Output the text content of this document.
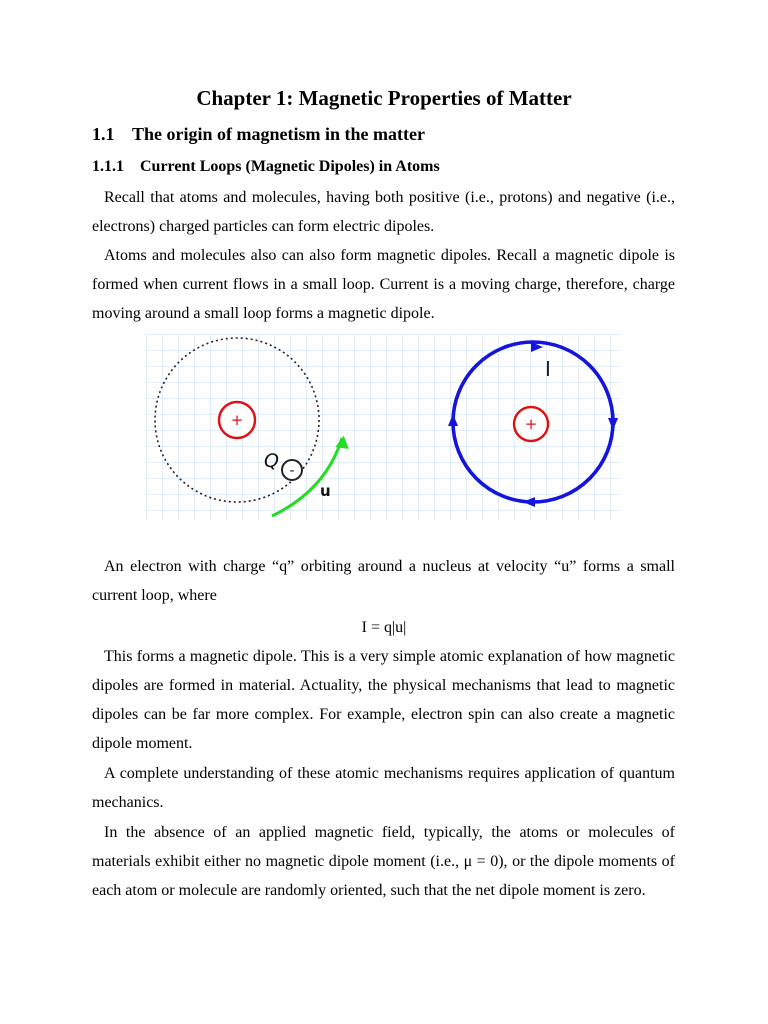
Chapter 1: Magnetic Properties of Matter
1.1 The origin of magnetism in the matter
1.1.1 Current Loops (Magnetic Dipoles) in Atoms

Recall that atoms and molecules, having both positive (i.e., protons) and negative (i.e., electrons) charged particles can form electric dipoles.

Atoms and molecules also can also form magnetic dipoles. Recall a magnetic dipole is formed when current flows in a small loop. Current is a moving charge, therefore, charge moving around a small loop forms a magnetic dipole.

+
-
Q
u
+
I

An electron with charge “q” orbiting around a nucleus at velocity “u” forms a small current loop, where

I = q|u|

This forms a magnetic dipole. This is a very simple atomic explanation of how magnetic dipoles are formed in material. Actuality, the physical mechanisms that lead to magnetic dipoles can be far more complex. For example, electron spin can also create a magnetic dipole moment.

A complete understanding of these atomic mechanisms requires application of quantum mechanics.

In the absence of an applied magnetic field, typically, the atoms or molecules of materials exhibit either no magnetic dipole moment (i.e., μ = 0), or the dipole moments of each atom or molecule are randomly oriented, such that the net dipole moment is zero.
